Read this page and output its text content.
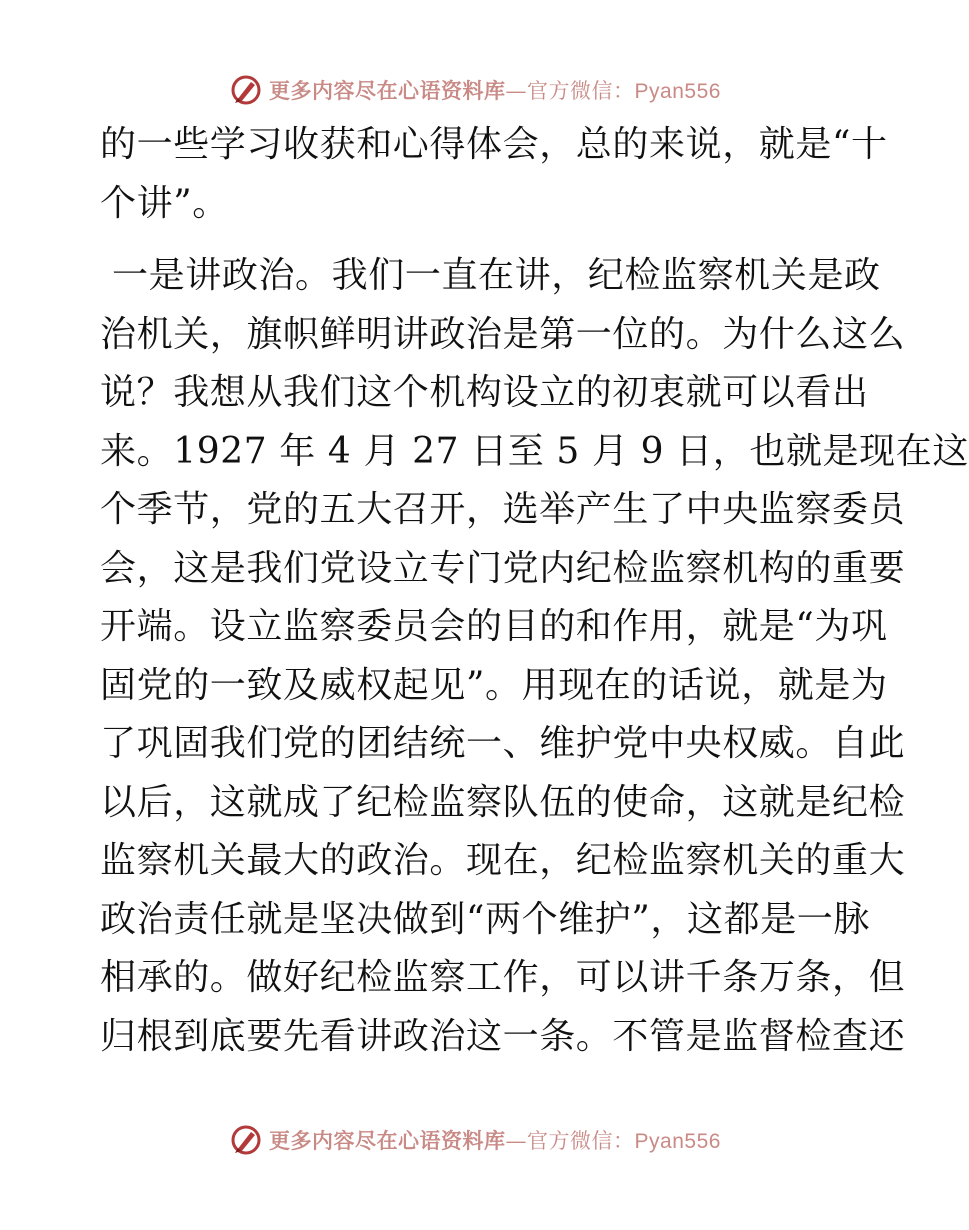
更多内容尽在心语资料库—官方微信：Pyan556
的一些学习收获和心得体会，总的来说，就是“十
个讲”。
一是讲政治。我们一直在讲，纪检监察机关是政
治机关，旗帜鲜明讲政治是第一位的。为什么这么
说？我想从我们这个机构设立的初衷就可以看出
来。1927 年 4 月 27 日至 5 月 9 日，也就是现在这
个季节，党的五大召开，选举产生了中央监察委员
会，这是我们党设立专门党内纪检监察机构的重要
开端。设立监察委员会的目的和作用，就是“为巩
固党的一致及威权起见”。用现在的话说，就是为
了巩固我们党的团结统一、维护党中央权威。自此
以后，这就成了纪检监察队伍的使命，这就是纪检
监察机关最大的政治。现在，纪检监察机关的重大
政治责任就是坚决做到“两个维护”，这都是一脉
相承的。做好纪检监察工作，可以讲千条万条，但
归根到底要先看讲政治这一条。不管是监督检查还
更多内容尽在心语资料库—官方微信：Pyan556
